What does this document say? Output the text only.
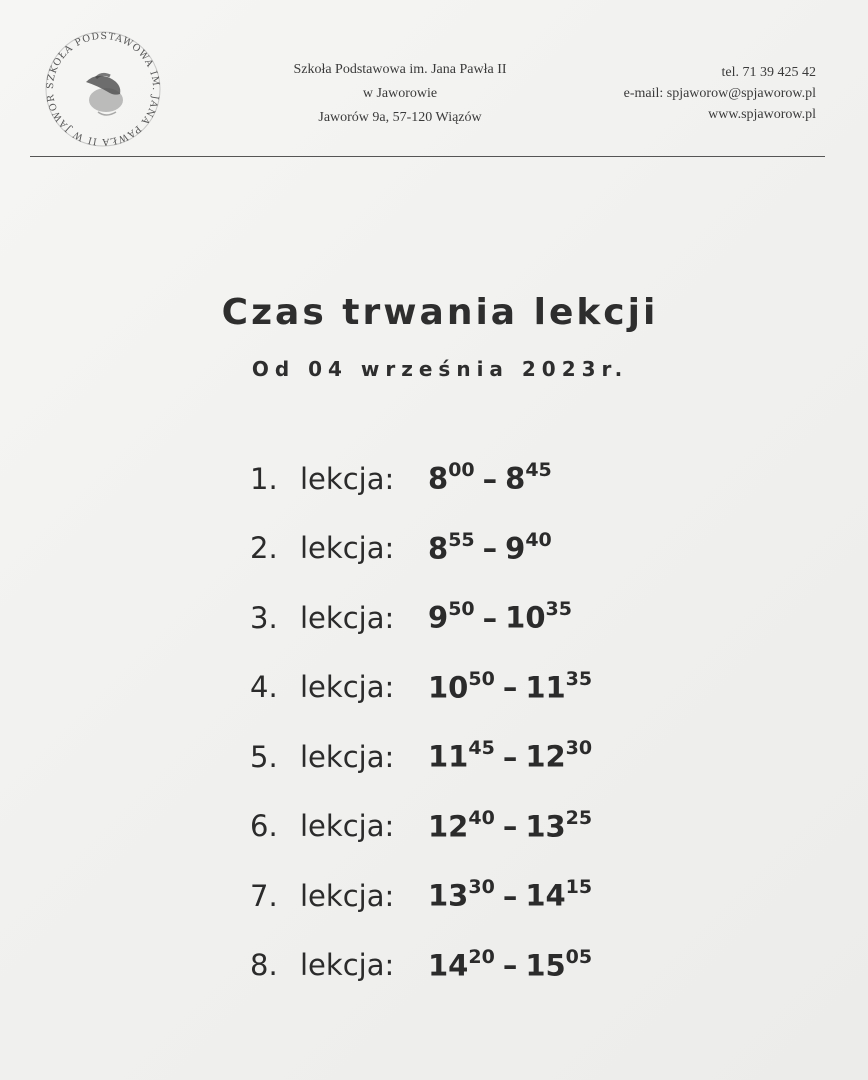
SZKOŁA PODSTAWOWA IM. JANA PAWŁA II W JAWOR
Szkoła Podstawowa im. Jana Pawła II
w Jaworowie
Jaworów 9a, 57-120 Wiązów
tel. 71 39 425 42
e-mail: spjaworow@spjaworow.pl
www.spjaworow.pl
Czas trwania lekcji
Od 04 września 2023r.
1. lekcja:	$8^{00} - 8^{45}$
2. lekcja:	$8^{55} - 9^{40}$
3. lekcja:	$9^{50} - 10^{35}$
4. lekcja:	$10^{50} - 11^{35}$
5. lekcja:	$11^{45} - 12^{30}$
6. lekcja:	$12^{40} - 13^{25}$
7. lekcja:	$13^{30} - 14^{15}$
8. lekcja:	$14^{20} - 15^{05}$
